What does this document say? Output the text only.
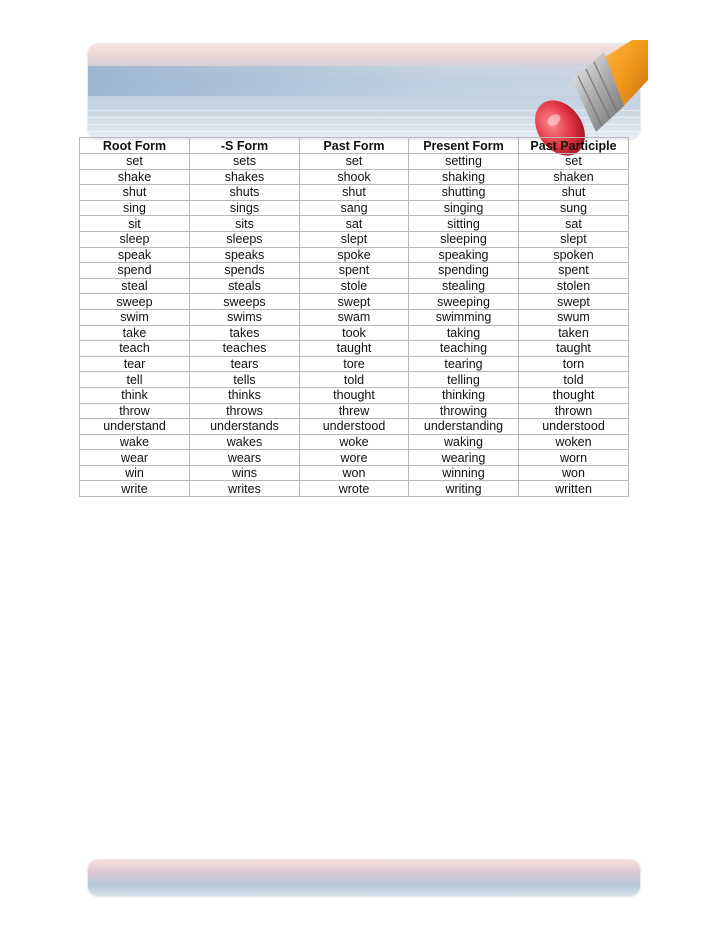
Root Form	-S Form	Past Form	Present Form	Past Participle
set	sets	set	setting	set
shake	shakes	shook	shaking	shaken
shut	shuts	shut	shutting	shut
sing	sings	sang	singing	sung
sit	sits	sat	sitting	sat
sleep	sleeps	slept	sleeping	slept
speak	speaks	spoke	speaking	spoken
spend	spends	spent	spending	spent
steal	steals	stole	stealing	stolen
sweep	sweeps	swept	sweeping	swept
swim	swims	swam	swimming	swum
take	takes	took	taking	taken
teach	teaches	taught	teaching	taught
tear	tears	tore	tearing	torn
tell	tells	told	telling	told
think	thinks	thought	thinking	thought
throw	throws	threw	throwing	thrown
understand	understands	understood	understanding	understood
wake	wakes	woke	waking	woken
wear	wears	wore	wearing	worn
win	wins	won	winning	won
write	writes	wrote	writing	written
